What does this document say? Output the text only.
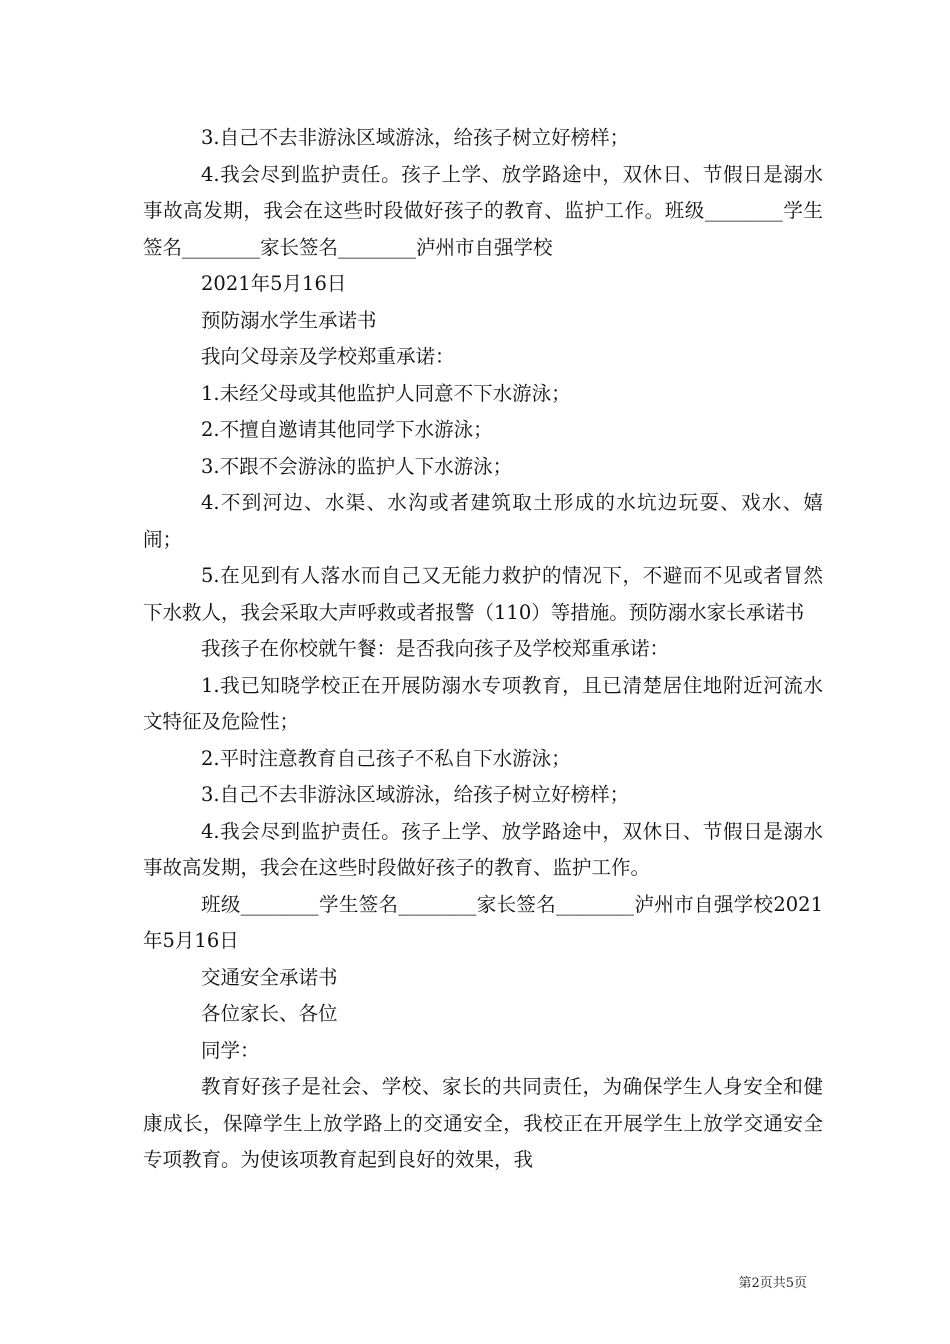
3.自己不去非游泳区域游泳，给孩子树立好榜样；

4.我会尽到监护责任。孩子上学、放学路途中，双休日、节假日是溺水事故高发期，我会在这些时段做好孩子的教育、监护工作。班级________学生签名________家长签名________泸州市自强学校

2021年5月16日

预防溺水学生承诺书

我向父母亲及学校郑重承诺：

1.未经父母或其他监护人同意不下水游泳；

2.不擅自邀请其他同学下水游泳；

3.不跟不会游泳的监护人下水游泳；

4.不到河边、水渠、水沟或者建筑取土形成的水坑边玩耍、戏水、嬉闹；

5.在见到有人落水而自己又无能力救护的情况下，不避而不见或者冒然下水救人，我会采取大声呼救或者报警（110）等措施。预防溺水家长承诺书

我孩子在你校就午餐：是否我向孩子及学校郑重承诺：

1.我已知晓学校正在开展防溺水专项教育，且已清楚居住地附近河流水文特征及危险性；

2.平时注意教育自己孩子不私自下水游泳；

3.自己不去非游泳区域游泳，给孩子树立好榜样；

4.我会尽到监护责任。孩子上学、放学路途中，双休日、节假日是溺水事故高发期，我会在这些时段做好孩子的教育、监护工作。

班级________学生签名________家长签名________泸州市自强学校2021年5月16日

交通安全承诺书

各位家长、各位

同学：

教育好孩子是社会、学校、家长的共同责任，为确保学生人身安全和健康成长，保障学生上放学路上的交通安全，我校正在开展学生上放学交通安全专项教育。为使该项教育起到良好的效果，我

第2页共5页
